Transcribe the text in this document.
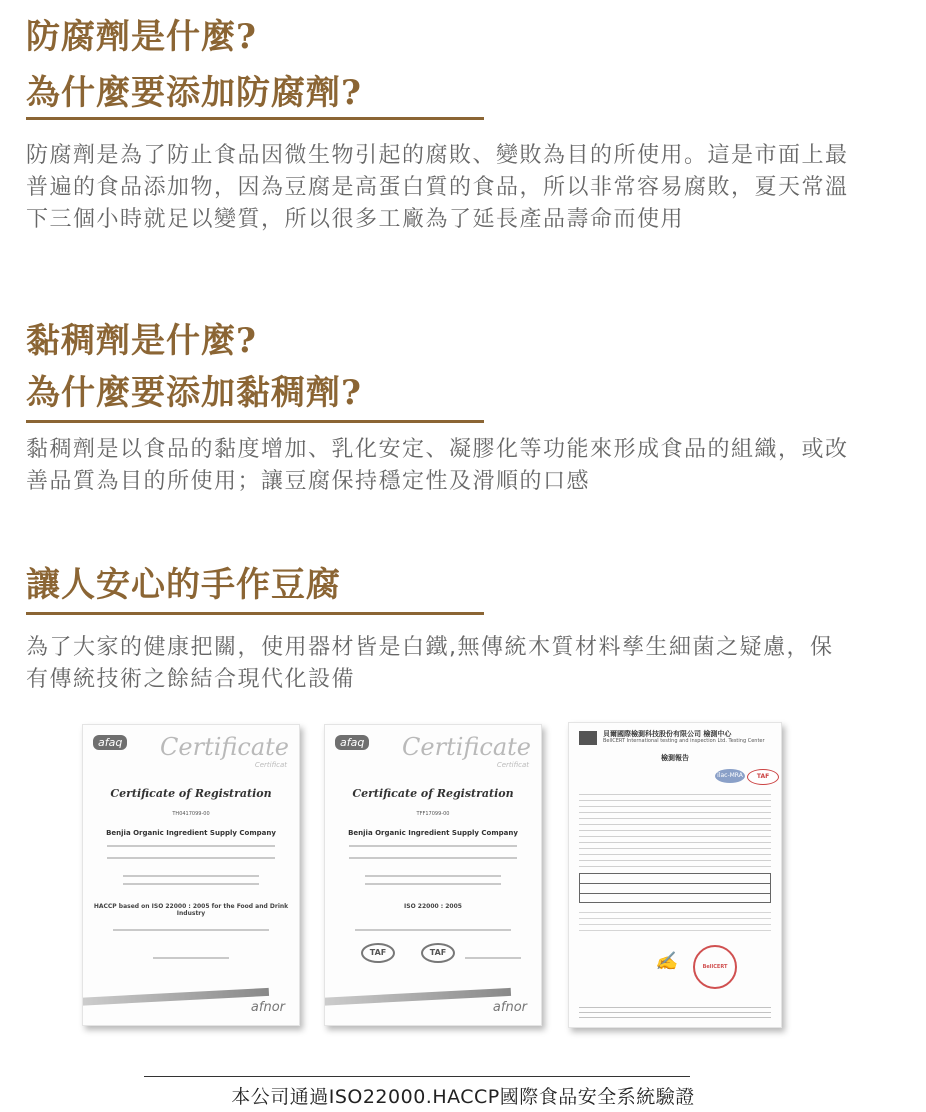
防腐劑是什麼?
為什麼要添加防腐劑?

防腐劑是為了防止食品因微生物引起的腐敗、變敗為目的所使用。這是市面上最普遍的食品添加物，因為豆腐是高蛋白質的食品，所以非常容易腐敗，夏天常溫下三個小時就足以變質，所以很多工廠為了延長產品壽命而使用

黏稠劑是什麼?
為什麼要添加黏稠劑?

黏稠劑是以食品的黏度增加、乳化安定、凝膠化等功能來形成食品的組織，或改善品質為目的所使用；讓豆腐保持穩定性及滑順的口感

讓人安心的手作豆腐

為了大家的健康把關，使用器材皆是白鐵,無傳統木質材料孳生細菌之疑慮，保有傳統技術之餘結合現代化設備

afaq Certificate
Certificat
Certificate of Registration
TH0417099-00
Benjia Organic Ingredient Supply Company
HACCP based on ISO 22000 : 2005 for the Food and Drink Industry
afnor
afaq Certificate
Certificat
Certificate of Registration
TFF17099-00
Benjia Organic Ingredient Supply Company
ISO 22000 : 2005
TAF	TAF
afnor
貝爾國際檢測科技股份有限公司 檢測中心
BellCERT International testing and inspection Ltd. Testing Center
檢測報告
ilac-MRA	TAF
✍	BellCERT

本公司通過ISO22000.HACCP國際食品安全系統驗證
